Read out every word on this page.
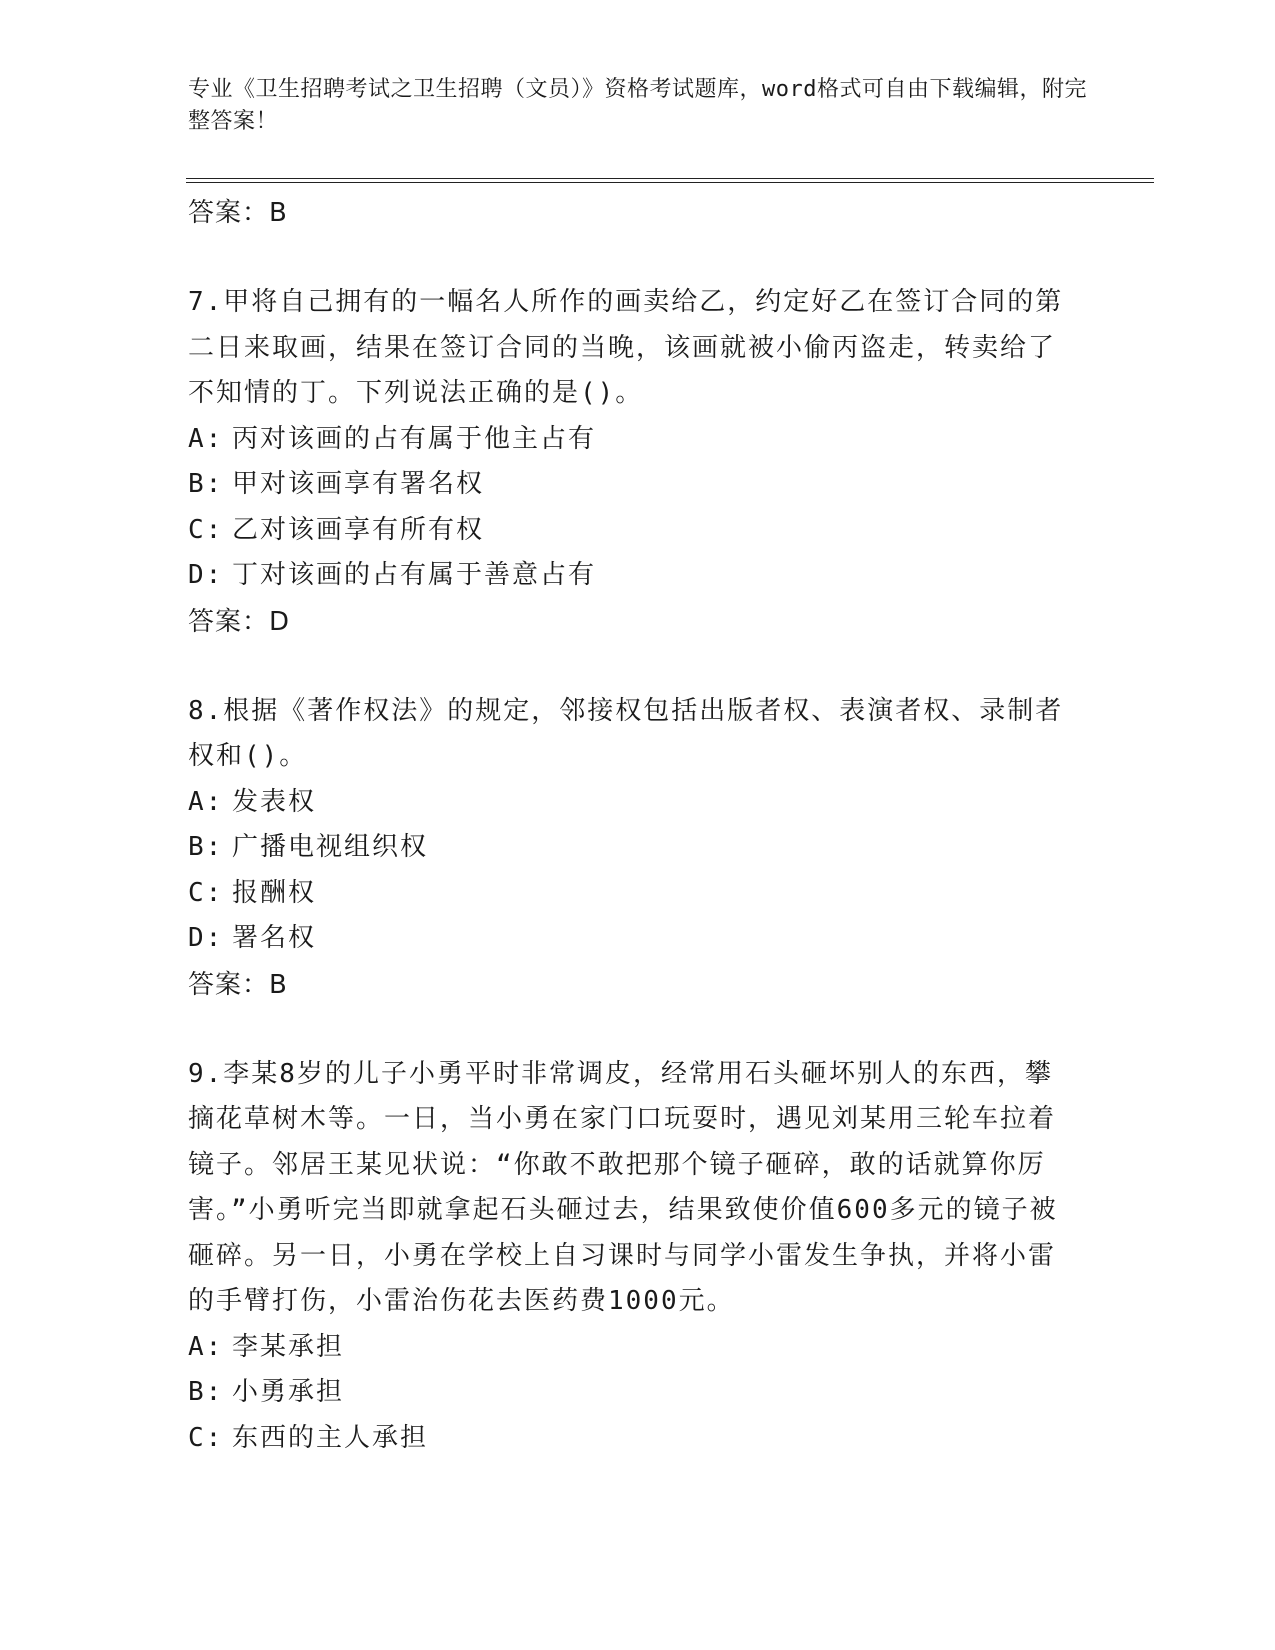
专业《卫生招聘考试之卫生招聘（文员）》资格考试题库，word格式可自由下载编辑，附完整答案！
答案：B
7.甲将自己拥有的一幅名人所作的画卖给乙，约定好乙在签订合同的第二日来取画，结果在签订合同的当晚，该画就被小偷丙盗走，转卖给了不知情的丁。下列说法正确的是()。
A: 丙对该画的占有属于他主占有
B: 甲对该画享有署名权
C: 乙对该画享有所有权
D: 丁对该画的占有属于善意占有
答案：D
8.根据《著作权法》的规定，邻接权包括出版者权、表演者权、录制者权和()。
A: 发表权
B: 广播电视组织权
C: 报酬权
D: 署名权
答案：B
9.李某8岁的儿子小勇平时非常调皮，经常用石头砸坏别人的东西，攀摘花草树木等。一日，当小勇在家门口玩耍时，遇见刘某用三轮车拉着镜子。邻居王某见状说：“你敢不敢把那个镜子砸碎，敢的话就算你厉害。”小勇听完当即就拿起石头砸过去，结果致使价值600多元的镜子被砸碎。另一日，小勇在学校上自习课时与同学小雷发生争执，并将小雷的手臂打伤，小雷治伤花去医药费1000元。
A: 李某承担
B: 小勇承担
C: 东西的主人承担
